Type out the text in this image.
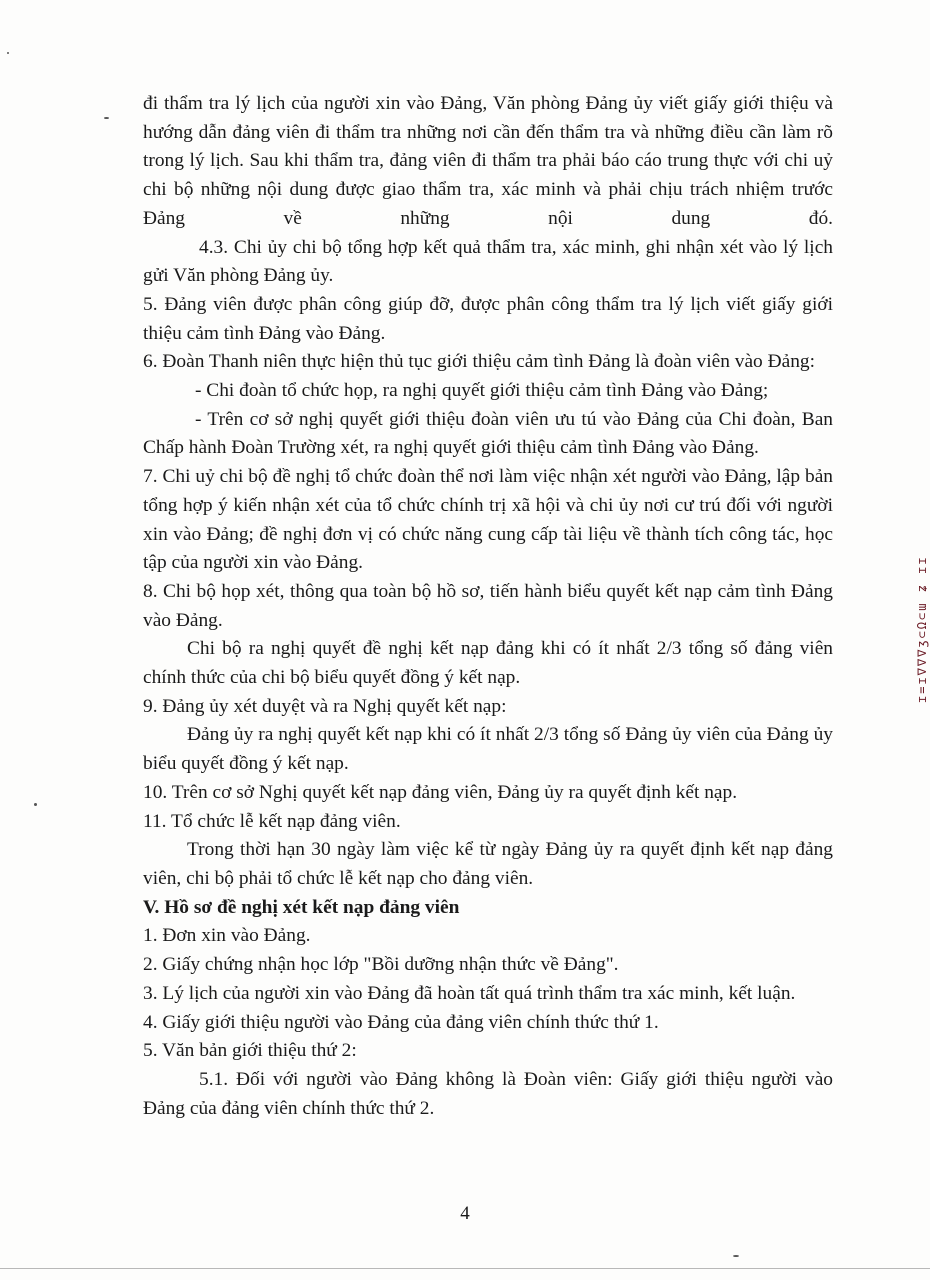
đi thẩm tra lý lịch của người xin vào Đảng, Văn phòng Đảng ủy viết giấy giới thiệu và hướng dẫn đảng viên đi thẩm tra những nơi cần đến thẩm tra và những điều cần làm rõ trong lý lịch. Sau khi thẩm tra, đảng viên đi thẩm tra phải báo cáo trung thực với chi uỷ chi bộ những nội dung được giao thẩm tra, xác minh và phải chịu trách nhiệm trước Đảng về những nội dung đó.

4.3. Chi ủy chi bộ tổng hợp kết quả thẩm tra, xác minh, ghi nhận xét vào lý lịch gửi Văn phòng Đảng ủy.

5. Đảng viên được phân công giúp đỡ, được phân công thẩm tra lý lịch viết giấy giới thiệu cảm tình Đảng vào Đảng.

6. Đoàn Thanh niên thực hiện thủ tục giới thiệu cảm tình Đảng là đoàn viên vào Đảng:

- Chi đoàn tổ chức họp, ra nghị quyết giới thiệu cảm tình Đảng vào Đảng;

- Trên cơ sở nghị quyết giới thiệu đoàn viên ưu tú vào Đảng của Chi đoàn, Ban Chấp hành Đoàn Trường xét, ra nghị quyết giới thiệu cảm tình Đảng vào Đảng.

7. Chi uỷ chi bộ đề nghị tổ chức đoàn thể nơi làm việc nhận xét người vào Đảng, lập bản tổng hợp ý kiến nhận xét của tổ chức chính trị xã hội và chi ủy nơi cư trú đối với người xin vào Đảng; đề nghị đơn vị có chức năng cung cấp tài liệu về thành tích công tác, học tập của người xin vào Đảng.

8. Chi bộ họp xét, thông qua toàn bộ hồ sơ, tiến hành biểu quyết kết nạp cảm tình Đảng vào Đảng.

Chi bộ ra nghị quyết đề nghị kết nạp đảng khi có ít nhất 2/3 tổng số đảng viên chính thức của chi bộ biểu quyết đồng ý kết nạp.

9. Đảng ủy xét duyệt và ra Nghị quyết kết nạp:

Đảng ủy ra nghị quyết kết nạp khi có ít nhất 2/3 tổng số Đảng ủy viên của Đảng ủy biểu quyết đồng ý kết nạp.

10. Trên cơ sở Nghị quyết kết nạp đảng viên, Đảng ủy ra quyết định kết nạp.

11. Tổ chức lễ kết nạp đảng viên.

Trong thời hạn 30 ngày làm việc kể từ ngày Đảng ủy ra quyết định kết nạp đảng viên, chi bộ phải tổ chức lễ kết nạp cho đảng viên.

V. Hồ sơ đề nghị xét kết nạp đảng viên

1. Đơn xin vào Đảng.

2. Giấy chứng nhận học lớp "Bồi dưỡng nhận thức về Đảng".

3. Lý lịch của người xin vào Đảng đã hoàn tất quá trình thẩm tra xác minh, kết luận.

4. Giấy giới thiệu người vào Đảng của đảng viên chính thức thứ 1.

5. Văn bản giới thiệu thứ 2:

5.1. Đối với người vào Đảng không là Đoàn viên: Giấy giới thiệu người vào Đảng của đảng viên chính thức thứ 2.

ɪ=ɪ∇∇∇ʒ⊂Ω⊂ɯ ʑ ɪɪ
4
